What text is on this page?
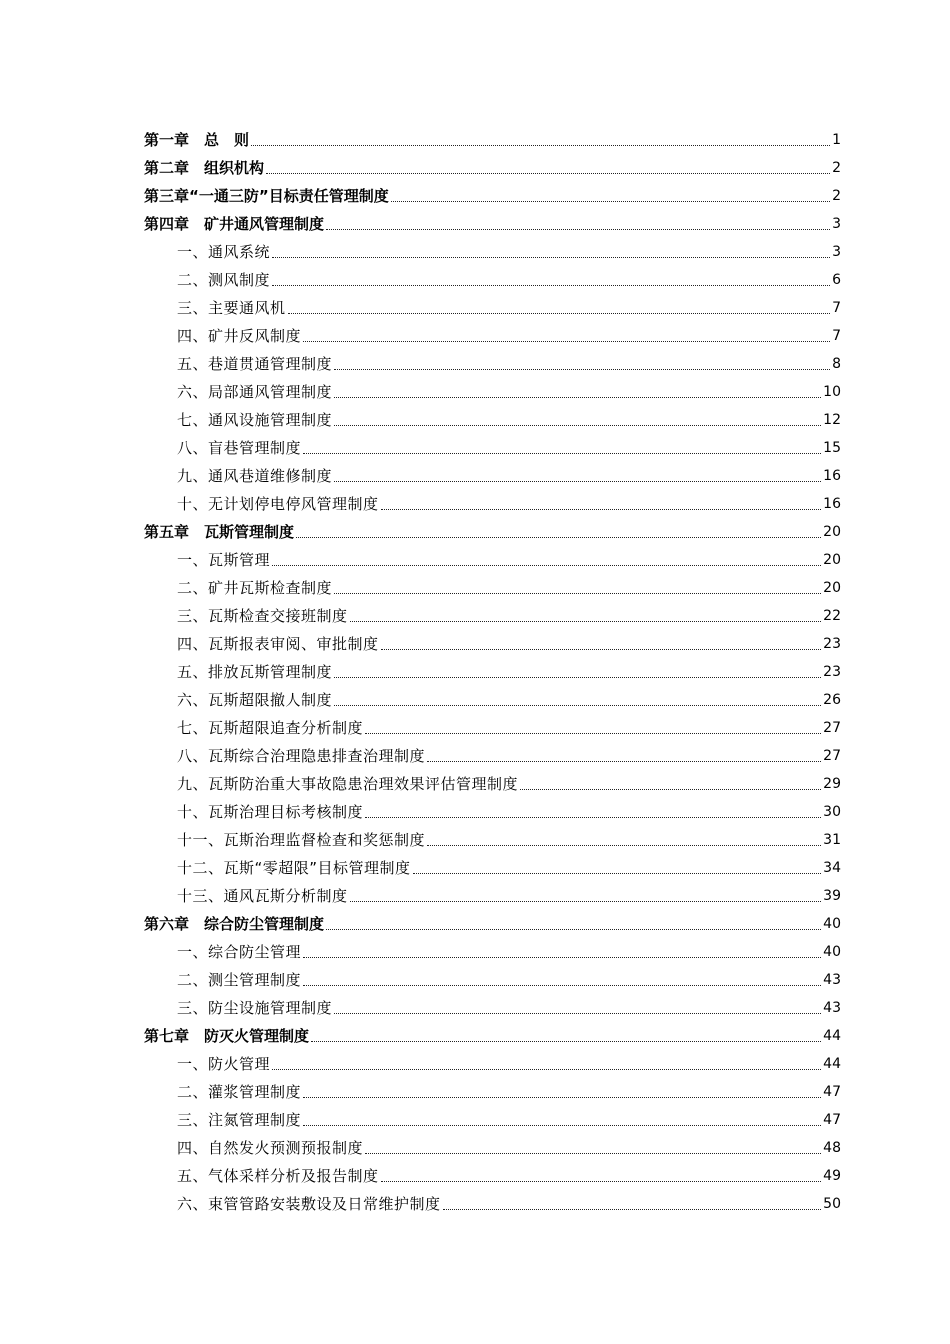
第一章　总　则	1
第二章　组织机构	2
第三章“一通三防”目标责任管理制度	2
第四章　矿井通风管理制度	3
一、通风系统	3
二、测风制度	6
三、主要通风机	7
四、矿井反风制度	7
五、巷道贯通管理制度	8
六、局部通风管理制度	10
七、通风设施管理制度	12
八、盲巷管理制度	15
九、通风巷道维修制度	16
十、无计划停电停风管理制度	16
第五章　瓦斯管理制度	20
一、瓦斯管理	20
二、矿井瓦斯检查制度	20
三、瓦斯检查交接班制度	22
四、瓦斯报表审阅、审批制度	23
五、排放瓦斯管理制度	23
六、瓦斯超限撤人制度	26
七、瓦斯超限追查分析制度	27
八、瓦斯综合治理隐患排查治理制度	27
九、瓦斯防治重大事故隐患治理效果评估管理制度	29
十、瓦斯治理目标考核制度	30
十一、瓦斯治理监督检查和奖惩制度	31
十二、瓦斯“零超限”目标管理制度	34
十三、通风瓦斯分析制度	39
第六章　综合防尘管理制度	40
一、综合防尘管理	40
二、测尘管理制度	43
三、防尘设施管理制度	43
第七章　防灭火管理制度	44
一、防火管理	44
二、灌浆管理制度	47
三、注氮管理制度	47
四、自然发火预测预报制度	48
五、气体采样分析及报告制度	49
六、束管管路安装敷设及日常维护制度	50
